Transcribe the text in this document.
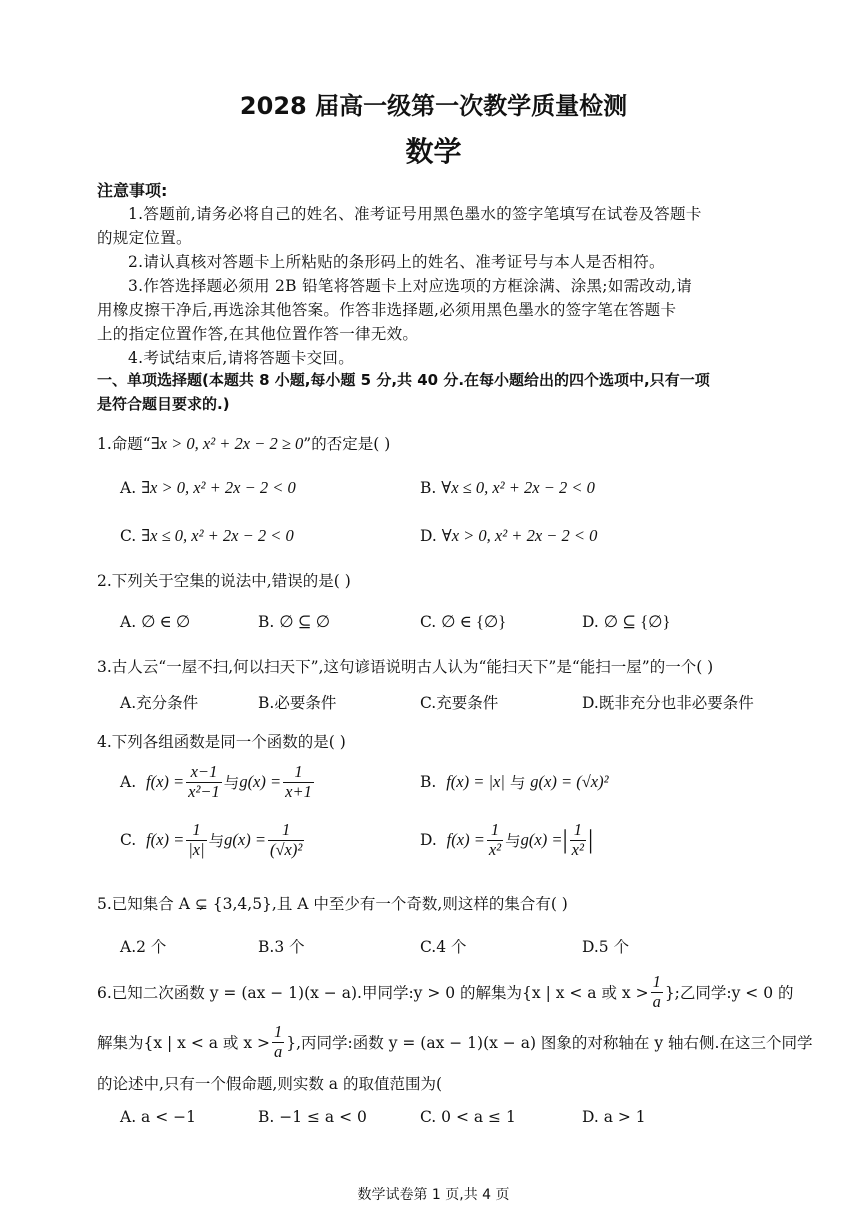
2028 届高一级第一次教学质量检测
数学
注意事项:
1.答题前,请务必将自己的姓名、准考证号用黑色墨水的签字笔填写在试卷及答题卡
的规定位置。
2.请认真核对答题卡上所粘贴的条形码上的姓名、准考证号与本人是否相符。
3.作答选择题必须用 2B 铅笔将答题卡上对应选项的方框涂满、涂黑;如需改动,请
用橡皮擦干净后,再选涂其他答案。作答非选择题,必须用黑色墨水的签字笔在答题卡
上的指定位置作答,在其他位置作答一律无效。
4.考试结束后,请将答题卡交回。
一、单项选择题(本题共 8 小题,每小题 5 分,共 40 分.在每小题给出的四个选项中,只有一项
是符合题目要求的.)
1.命题“∃x > 0, x² + 2x − 2 ≥ 0”的否定是( )
A. ∃x > 0, x² + 2x − 2 < 0	B. ∀x ≤ 0, x² + 2x − 2 < 0
C. ∃x ≤ 0, x² + 2x − 2 < 0	D. ∀x > 0, x² + 2x − 2 < 0
2.下列关于空集的说法中,错误的是( )
A. ∅ ∈ ∅	B. ∅ ⊆ ∅	C. ∅ ∈ {∅}	D. ∅ ⊆ {∅}
3.古人云“一屋不扫,何以扫天下”,这句谚语说明古人认为“能扫天下”是“能扫一屋”的一个( )
A.充分条件	B.必要条件	C.充要条件	D.既非充分也非必要条件
4.下列各组函数是同一个函数的是( )
A.
$f(x) = \frac{x-1}{\text{x²−1}}$ 与 $g(x) = \frac{1}{x+1}$	B.
f(x) = |x|
与
g(x) = (√x)²
C.
$f(x) = \frac{1}{|x|}$ 与 $g(x) = \frac{1}{\text{(√x)²}}$	D.
$f(x) = \frac{1}{\text{x²}}$ 与 g(x) = | $\frac{1}{\text{x²}}$ |
5.已知集合 A ⊊ {3,4,5},且 A 中至少有一个奇数,则这样的集合有( )
A.2 个	B.3 个	C.4 个	D.5 个
6.已知二次函数 y = (ax − 1)(x − a).甲同学:y > 0 的解集为{x | x < a 或 $x > \frac{1}{a}$ };乙同学:y < 0 的
解集为{x | x < a 或 $x > \frac{1}{a}$ },丙同学:函数 y = (ax − 1)(x − a) 图象的对称轴在 y 轴右侧.在这三个同学
的论述中,只有一个假命题,则实数 a 的取值范围为(
A. a < −1	B. −1 ≤ a < 0	C. 0 < a ≤ 1	D. a > 1
数学试卷第 1 页,共 4 页
